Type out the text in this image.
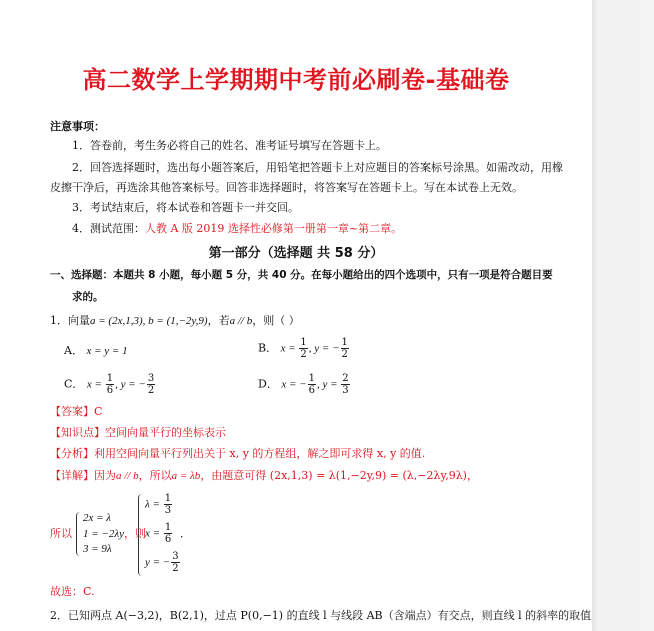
高二数学上学期期中考前必刷卷-基础卷
注意事项：
1．答卷前，考生务必将自己的姓名、准考证号填写在答题卡上。
2．回答选择题时，选出每小题答案后，用铅笔把答题卡上对应题目的答案标号涂黑。如需改动，用橡
皮擦干净后，再选涂其他答案标号。回答非选择题时，将答案写在答题卡上。写在本试卷上无效。
3．考试结束后，将本试卷和答题卡一并交回。
4．测试范围：人教 A 版 2019 选择性必修第一册第一章~第二章。
第一部分（选择题 共 58 分）
一、选择题：本题共 8 小题，每小题 5 分，共 40 分。在每小题给出的四个选项中，只有一项是符合题目要
求的。
1．向量a = (2x,1,3), b = (1,−2y,9)，若a // b，则（ ）
A． x = y = 1	B． $x = \frac{1}{2}$ , y = − $\frac{1}{2}$
C． $x = \frac{1}{6}$ , y = − $\frac{3}{2}$	D． x = − $\frac{1}{6}$ , $y = \frac{2}{3}$
【答案】C
【知识点】空间向量平行的坐标表示
【分析】利用空间向量平行列出关于 x, y 的方程组，解之即可求得 x, y 的值.
【详解】因为a // b，所以a = λb，由题意可得 (2x,1,3) = λ(1,−2y,9) = (λ,−2λy,9λ)，
所以
2x = λ
1 = −2λy
3 = 9λ
，则
$\lambda = \frac{1}{3}$
$x = \frac{1}{6}$
y = − $\frac{3}{2}$
．
故选：C.
2．已知两点 A(−3,2)，B(2,1)，过点 P(0,−1) 的直线 l 与线段 AB（含端点）有交点，则直线 l 的斜率的取值
